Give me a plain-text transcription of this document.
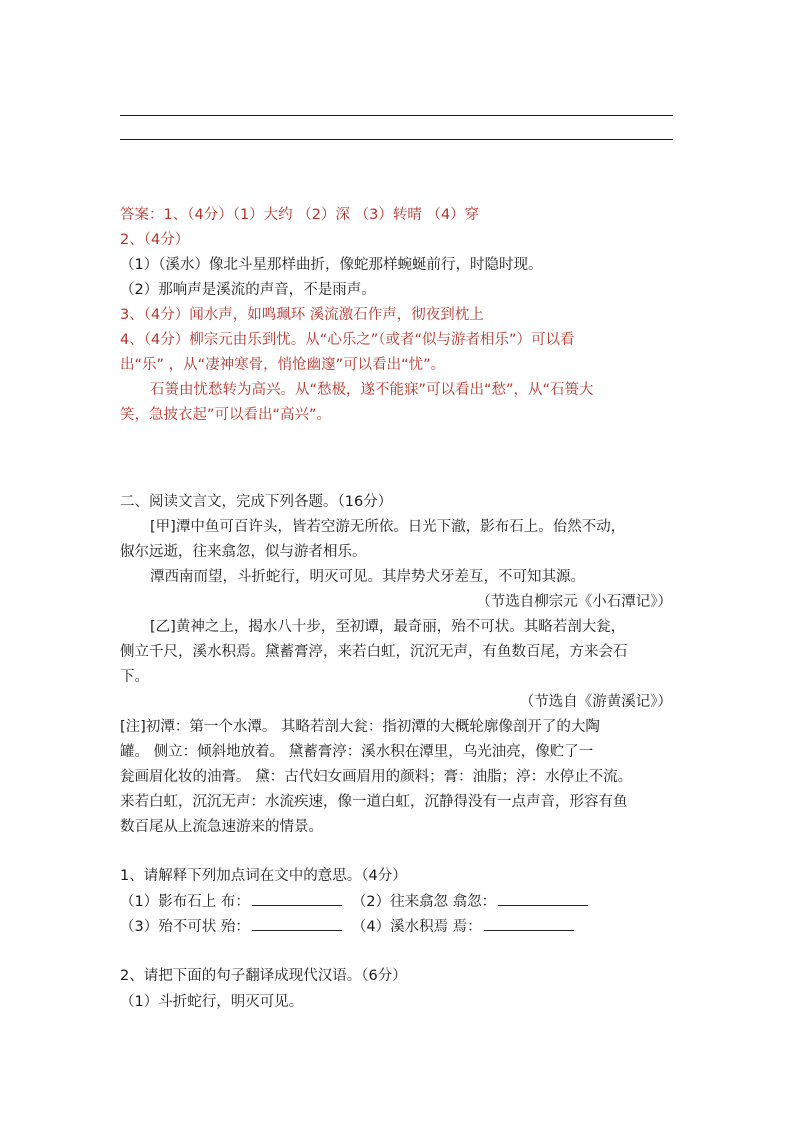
答案：1、（4分）（1）大约 （2）深 （3）转晴 （4）穿
2、（4分）
（1）（溪水）像北斗星那样曲折，像蛇那样蜿蜒前行，时隐时现。
（2）那响声是溪流的声音，不是雨声。
3、（4分）闻水声，如鸣珮环 溪流激石作声，彻夜到枕上
4、（4分）柳宗元由乐到忧。从“心乐之”（或者“似与游者相乐”）可以看
出“乐” ，从“凄神寒骨，悄怆幽邃”可以看出“忧”。
石箦由忧愁转为高兴。从“愁极，遂不能寐”可以看出“愁”，从“石篑大
笑，急披衣起”可以看出“高兴”。
二、阅读文言文，完成下列各题。（16分）
[甲]潭中鱼可百许头，皆若空游无所依。日光下澈，影布石上。佁然不动，
俶尔远逝，往来翕忽，似与游者相乐。
潭西南而望，斗折蛇行，明灭可见。其岸势犬牙差互，不可知其源。
（节选自柳宗元《小石潭记》）
[乙]黄神之上，揭水八十步，至初谭，最奇丽，殆不可状。其略若剖大瓮，
侧立千尺，溪水积焉。黛蓄膏渟，来若白虹，沉沉无声，有鱼数百尾，方来会石
下。
（节选自《游黄溪记》）
[注]初潭：第一个水潭。 其略若剖大瓮：指初潭的大概轮廓像剖开了的大陶
罐。 侧立：倾斜地放着。 黛蓄膏渟：溪水积在潭里，乌光油亮，像贮了一
瓮画眉化妆的油膏。 黛：古代妇女画眉用的颜料；膏：油脂；渟：水停止不流。
来若白虹，沉沉无声：水流疾速，像一道白虹，沉静得没有一点声音，形容有鱼
数百尾从上流急速游来的情景。
1、请解释下列加点词在文中的意思。（4分）
（1）影布石上 布：	（2）往来翕忽 翕忽：
（3）殆不可状 殆：	（4）溪水积焉 焉：
2、请把下面的句子翻译成现代汉语。（6分）
（1）斗折蛇行，明灭可见。
